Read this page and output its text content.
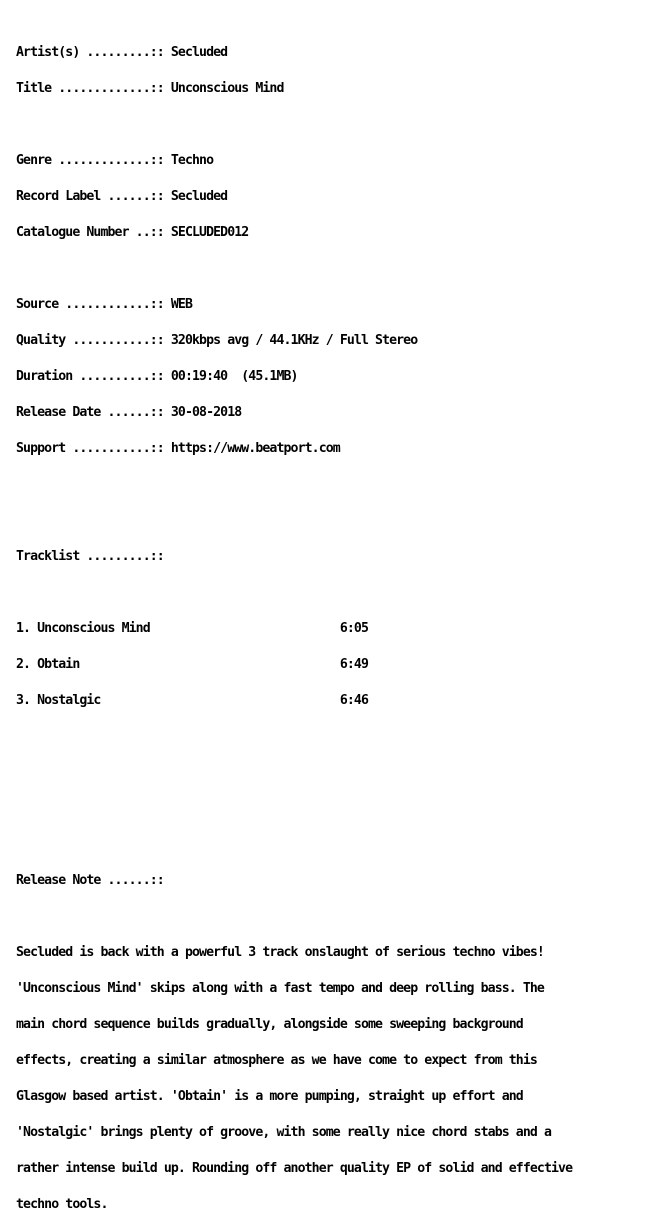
Artist(s) .........:: Secluded

Title .............:: Unconscious Mind

Genre .............:: Techno

Record Label ......:: Secluded

Catalogue Number ..:: SECLUDED012

Source ............:: WEB

Quality ...........:: 320kbps avg / 44.1KHz / Full Stereo

Duration ..........:: 00:19:40  (45.1MB)

Release Date ......:: 30-08-2018

Support ...........:: https://www.beatport.com

Tracklist .........::

1. Unconscious Mind                           6:05

2. Obtain                                     6:49

3. Nostalgic                                  6:46

Release Note ......::

Secluded is back with a powerful 3 track onslaught of serious techno vibes!

'Unconscious Mind' skips along with a fast tempo and deep rolling bass. The

main chord sequence builds gradually, alongside some sweeping background

effects, creating a similar atmosphere as we have come to expect from this

Glasgow based artist. 'Obtain' is a more pumping, straight up effort and

'Nostalgic' brings plenty of groove, with some really nice chord stabs and a

rather intense build up. Rounding off another quality EP of solid and effective

techno tools.
